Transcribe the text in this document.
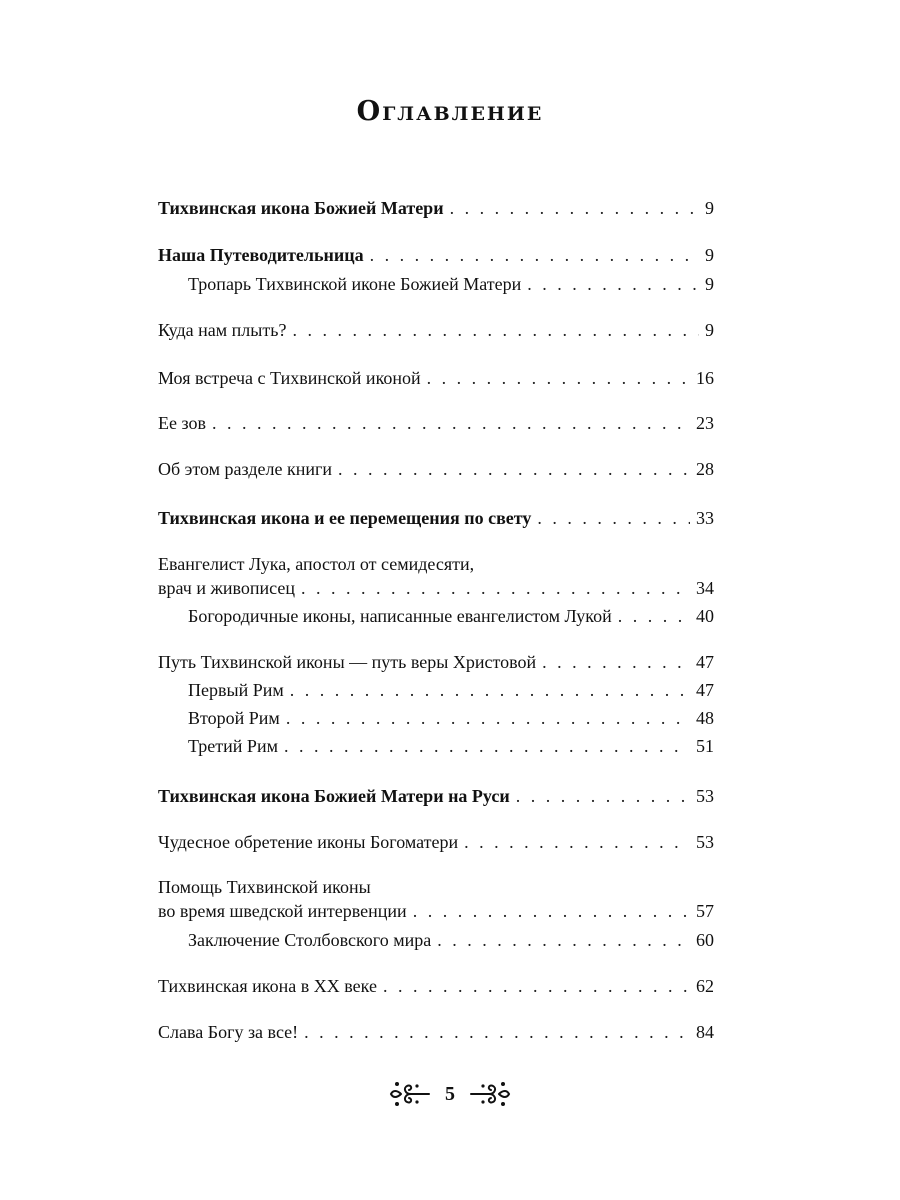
Оглавление
Тихвинская икона Божией Матери . . .	9
Наша Путеводительница . . .	9
Тропарь Тихвинской иконе Божией Матери . . .	9
Куда нам плыть? . . .	9
Моя встреча с Тихвинской иконой . . .	16
Ее зов . . .	23
Об этом разделе книги . . .	28
Тихвинская икона и ее перемещения по свету . . .	33
Евангелист Лука, апостол от семидесяти,
врач и живописец . . .	34
Богородичные иконы, написанные евангелистом Лукой . . .	40
Путь Тихвинской иконы — путь веры Христовой . . .	47
Первый Рим . . .	47
Второй Рим . . .	48
Третий Рим . . .	51
Тихвинская икона Божией Матери на Руси . . .	53
Чудесное обретение иконы Богоматери . . .	53
Помощь Тихвинской иконы
во время шведской интервенции . . .	57
Заключение Столбовского мира . . .	60
Тихвинская икона в XX веке . . .	62
Слава Богу за все! . . .	84
5
